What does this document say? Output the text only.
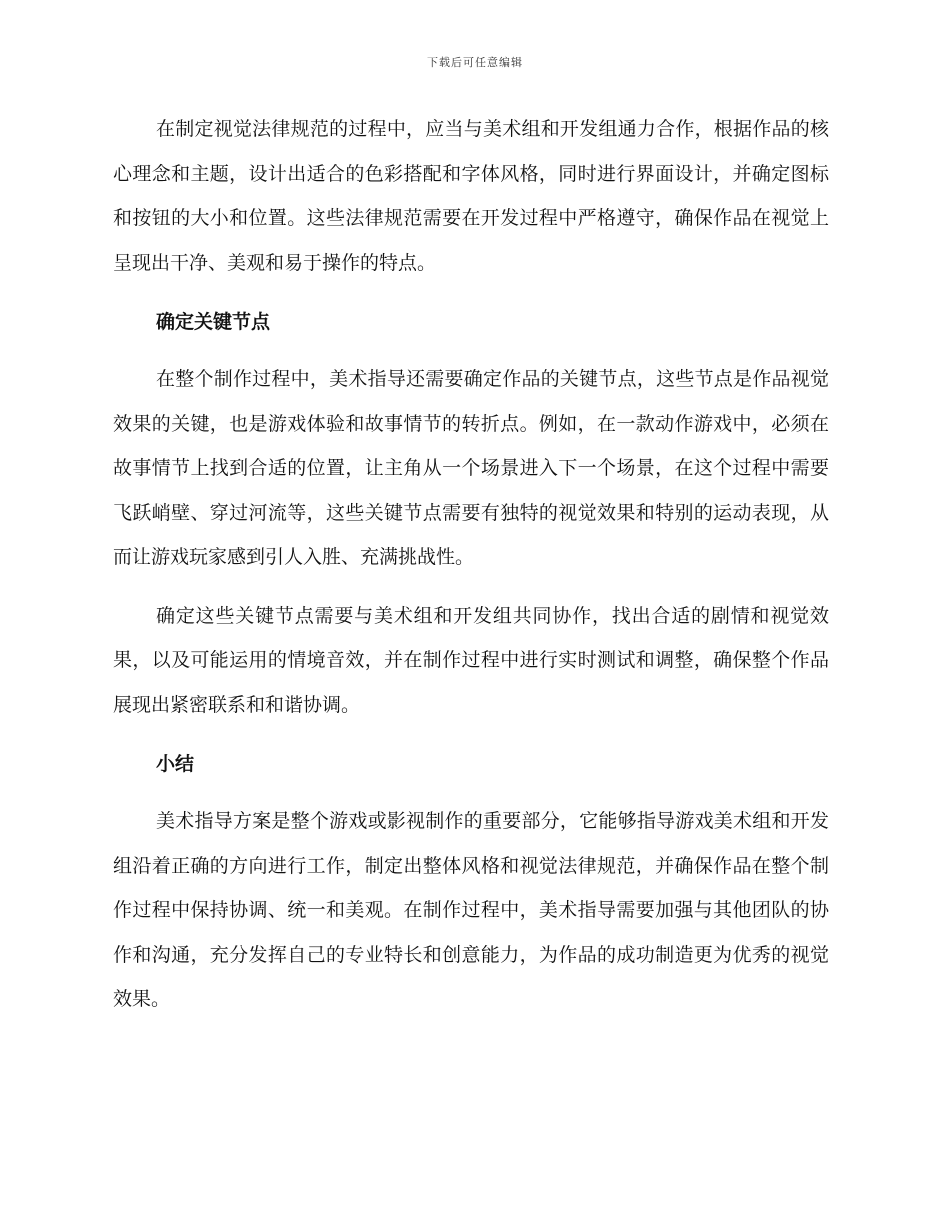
下载后可任意编辑

在制定视觉法律规范的过程中，应当与美术组和开发组通力合作，根据作品的核心理念和主题，设计出适合的色彩搭配和字体风格，同时进行界面设计，并确定图标和按钮的大小和位置。这些法律规范需要在开发过程中严格遵守，确保作品在视觉上呈现出干净、美观和易于操作的特点。

确定关键节点

在整个制作过程中，美术指导还需要确定作品的关键节点，这些节点是作品视觉效果的关键，也是游戏体验和故事情节的转折点。例如，在一款动作游戏中，必须在故事情节上找到合适的位置，让主角从一个场景进入下一个场景，在这个过程中需要飞跃峭壁、穿过河流等，这些关键节点需要有独特的视觉效果和特别的运动表现，从而让游戏玩家感到引人入胜、充满挑战性。

确定这些关键节点需要与美术组和开发组共同协作，找出合适的剧情和视觉效果，以及可能运用的情境音效，并在制作过程中进行实时测试和调整，确保整个作品展现出紧密联系和和谐协调。

小结

美术指导方案是整个游戏或影视制作的重要部分，它能够指导游戏美术组和开发组沿着正确的方向进行工作，制定出整体风格和视觉法律规范，并确保作品在整个制作过程中保持协调、统一和美观。在制作过程中，美术指导需要加强与其他团队的协作和沟通，充分发挥自己的专业特长和创意能力，为作品的成功制造更为优秀的视觉效果。
